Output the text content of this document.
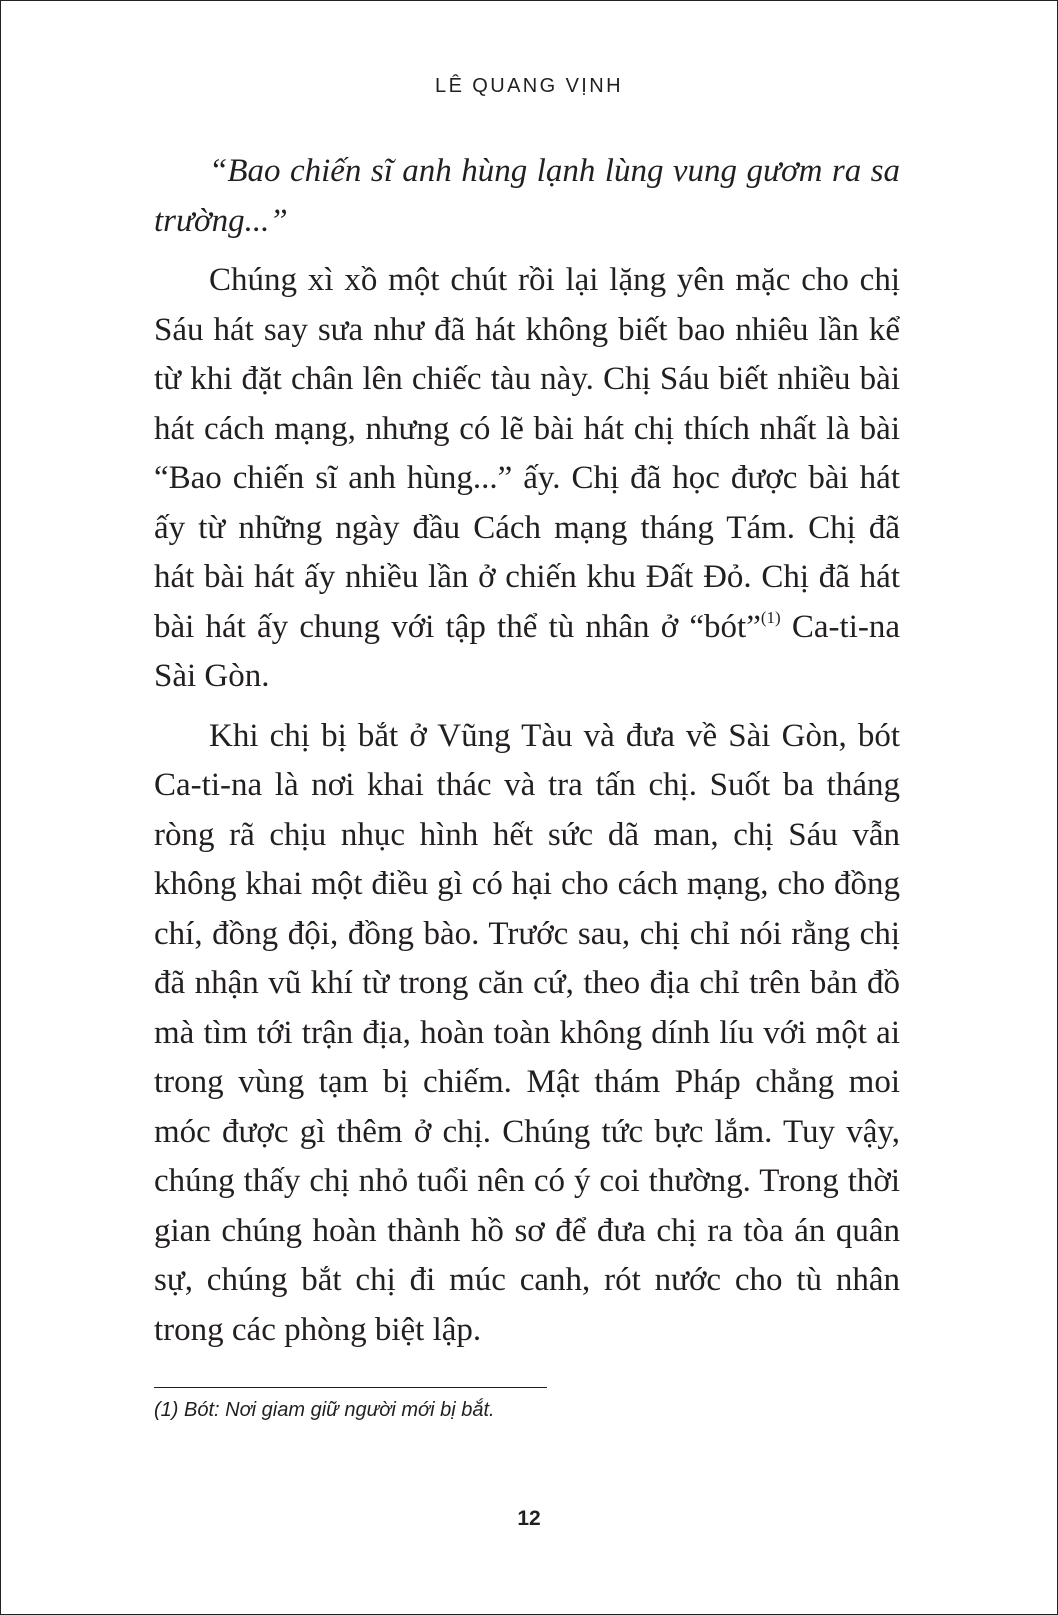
LÊ QUANG VỊNH

“Bao chiến sĩ anh hùng lạnh lùng vung gươm ra sa trường...”

Chúng xì xồ một chút rồi lại lặng yên mặc cho chị Sáu hát say sưa như đã hát không biết bao nhiêu lần kể từ khi đặt chân lên chiếc tàu này. Chị Sáu biết nhiều bài hát cách mạng, nhưng có lẽ bài hát chị thích nhất là bài “Bao chiến sĩ anh hùng...” ấy. Chị đã học được bài hát ấy từ những ngày đầu Cách mạng tháng Tám. Chị đã hát bài hát ấy nhiều lần ở chiến khu Đất Đỏ. Chị đã hát bài hát ấy chung với tập thể tù nhân ở “bót”$^{(1)}$ Ca-ti-na Sài Gòn.

Khi chị bị bắt ở Vũng Tàu và đưa về Sài Gòn, bót Ca-ti-na là nơi khai thác và tra tấn chị. Suốt ba tháng ròng rã chịu nhục hình hết sức dã man, chị Sáu vẫn không khai một điều gì có hại cho cách mạng, cho đồng chí, đồng đội, đồng bào. Trước sau, chị chỉ nói rằng chị đã nhận vũ khí từ trong căn cứ, theo địa chỉ trên bản đồ mà tìm tới trận địa, hoàn toàn không dính líu với một ai trong vùng tạm bị chiếm. Mật thám Pháp chẳng moi móc được gì thêm ở chị. Chúng tức bực lắm. Tuy vậy, chúng thấy chị nhỏ tuổi nên có ý coi thường. Trong thời gian chúng hoàn thành hồ sơ để đưa chị ra tòa án quân sự, chúng bắt chị đi múc canh, rót nước cho tù nhân trong các phòng biệt lập.

(1) Bót: Nơi giam giữ người mới bị bắt.
12
